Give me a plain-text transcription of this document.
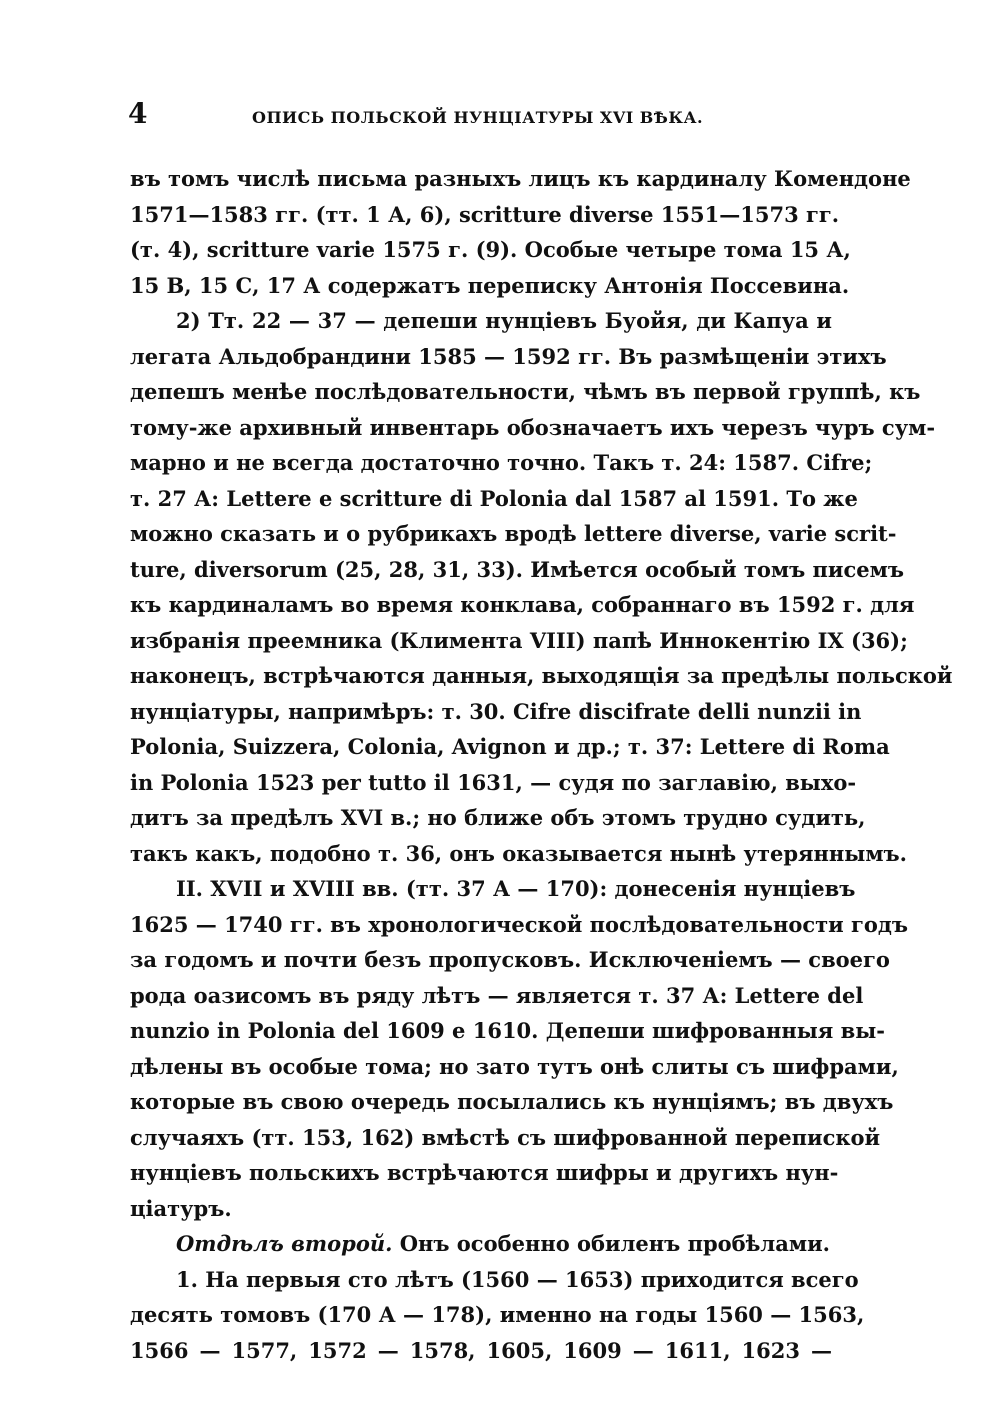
4	ОПИСЬ ПОЛЬСКОЙ НУНЦІАТУРЫ XVI ВѢКА.
въ томъ числѣ письма разныхъ лицъ къ кардиналу Комендоне
1571—1583 гг. (тт. 1 А, 6), scritture diverse 1551—1573 гг.
(т. 4), scritture varie 1575 г. (9). Особые четыре тома 15 А,
15 В, 15 С, 17 А содержатъ переписку Антонія Поссевина.
2) Тт. 22 — 37 — депеши нунціевъ Буойя, ди Капуа и
легата Альдобрандини 1585 — 1592 гг. Въ размѣщеніи этихъ
депешъ менѣе послѣдовательности, чѣмъ въ первой группѣ, къ
тому-же архивный инвентарь обозначаетъ ихъ черезъ чуръ сум-
марно и не всегда достаточно точно. Такъ т. 24: 1587. Cifre;
т. 27 А: Lettere e scritture di Polonia dal 1587 al 1591. То же
можно сказать и о рубрикахъ вродѣ lettere diverse, varie scrit-
ture, diversorum (25, 28, 31, 33). Имѣется особый томъ писемъ
къ кардиналамъ во время конклава, собраннаго въ 1592 г. для
избранія преемника (Климента VIII) папѣ Иннокентію IX (36);
наконецъ, встрѣчаются данныя, выходящія за предѣлы польской
нунціатуры, напримѣръ: т. 30. Cifre discifrate delli nunzii in
Polonia, Suizzera, Colonia, Avignon и др.; т. 37: Lettere di Roma
in Polonia 1523 per tutto il 1631, — судя по заглавію, выхо-
дитъ за предѣлъ XVI в.; но ближе объ этомъ трудно судить,
такъ какъ, подобно т. 36, онъ оказывается нынѣ утеряннымъ.
II. XVII и XVIII вв. (тт. 37 А — 170): донесенія нунціевъ
1625 — 1740 гг. въ хронологической послѣдовательности годъ
за годомъ и почти безъ пропусковъ. Исключеніемъ — своего
рода оазисомъ въ ряду лѣтъ — является т. 37 А: Lettere del
nunzio in Polonia del 1609 e 1610. Депеши шифрованныя вы-
дѣлены въ особые тома; но зато тутъ онѣ слиты съ шифрами,
которые въ свою очередь посылались къ нунціямъ; въ двухъ
случаяхъ (тт. 153, 162) вмѣстѣ съ шифрованной перепиской
нунціевъ польскихъ встрѣчаются шифры и другихъ нун-
ціатуръ.
Отдѣлъ второй. Онъ особенно обиленъ пробѣлами.
1. На первыя сто лѣтъ (1560 — 1653) приходится всего
десять томовъ (170 А — 178), именно на годы 1560 — 1563,
1566 — 1577, 1572 — 1578, 1605, 1609 — 1611, 1623 —
